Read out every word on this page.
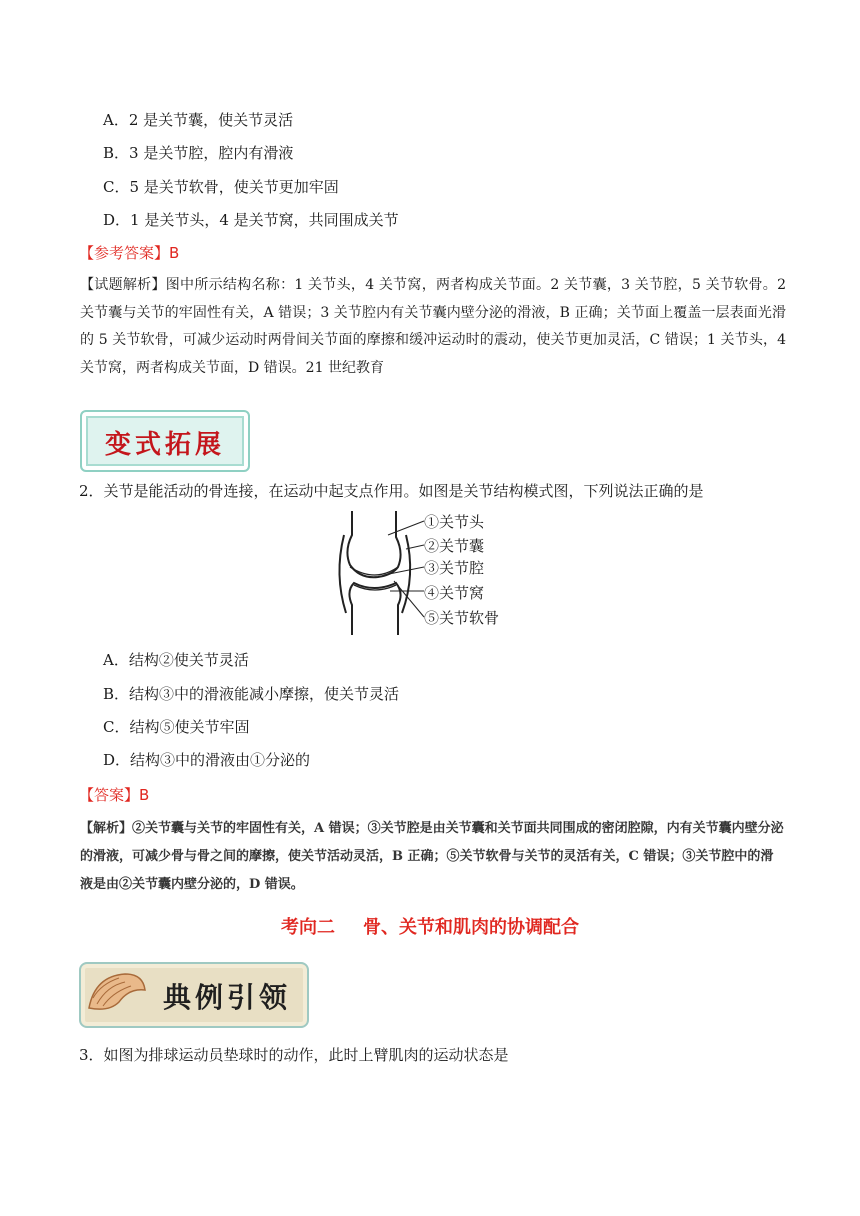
A．2 是关节囊，使关节灵活
B．3 是关节腔，腔内有滑液
C．5 是关节软骨，使关节更加牢固
D．1 是关节头，4 是关节窝，共同围成关节
【参考答案】B
【试题解析】图中所示结构名称：1 关节头，4 关节窝，两者构成关节面。2 关节囊，3 关节腔，5 关节软骨。2 关节囊与关节的牢固性有关，A 错误；3 关节腔内有关节囊内壁分泌的滑液，B 正确；关节面上覆盖一层表面光滑的 5 关节软骨，可减少运动时两骨间关节面的摩擦和缓冲运动时的震动，使关节更加灵活，C 错误；1 关节头，4 关节窝，两者构成关节面，D 错误。21 世纪教育
变式拓展
2．关节是能活动的骨连接，在运动中起支点作用。如图是关节结构模式图，下列说法正确的是
①关节头
②关节囊
③关节腔
④关节窝
⑤关节软骨
A．结构②使关节灵活
B．结构③中的滑液能减小摩擦，使关节灵活
C．结构⑤使关节牢固
D．结构③中的滑液由①分泌的
【答案】B
【解析】②关节囊与关节的牢固性有关，A 错误；③关节腔是由关节囊和关节面共同围成的密闭腔隙，内有关节囊内壁分泌的滑液，可减少骨与骨之间的摩擦，使关节活动灵活，B 正确；⑤关节软骨与关节的灵活有关，C 错误；③关节腔中的滑液是由②关节囊内壁分泌的，D 错误。
考向二 骨、关节和肌肉的协调配合
典例引领
3．如图为排球运动员垫球时的动作，此时上臂肌肉的运动状态是
